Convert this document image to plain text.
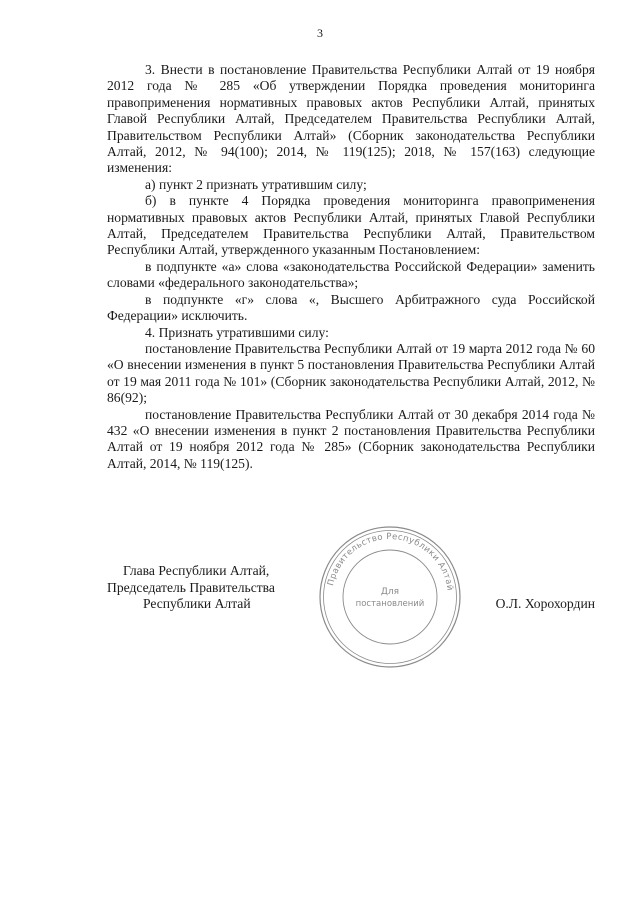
3

3. Внести в постановление Правительства Республики Алтай от 19 ноября 2012 года № 285 «Об утверждении Порядка проведения мониторинга правоприменения нормативных правовых актов Республики Алтай, принятых Главой Республики Алтай, Председателем Правительства Республики Алтай, Правительством Республики Алтай» (Сборник законодательства Республики Алтай, 2012, № 94(100); 2014, № 119(125); 2018, № 157(163) следующие изменения:

а) пункт 2 признать утратившим силу;

б) в пункте 4 Порядка проведения мониторинга правоприменения нормативных правовых актов Республики Алтай, принятых Главой Республики Алтай, Председателем Правительства Республики Алтай, Правительством Республики Алтай, утвержденного указанным Постановлением:

в подпункте «а» слова «законодательства Российской Федерации» заменить словами «федерального законодательства»;

в подпункте «г» слова «, Высшего Арбитражного суда Российской Федерации» исключить.

4. Признать утратившими силу:

постановление Правительства Республики Алтай от 19 марта 2012 года № 60 «О внесении изменения в пункт 5 постановления Правительства Республики Алтай от 19 мая 2011 года № 101» (Сборник законодательства Республики Алтай, 2012, № 86(92);

постановление Правительства Республики Алтай от 30 декабря 2014 года № 432 «О внесении изменения в пункт 2 постановления Правительства Республики Алтай от 19 ноября 2012 года № 285» (Сборник законодательства Республики Алтай, 2014, № 119(125).

Глава Республики Алтай,
Председатель Правительства
Республики Алтай	О.Л. Хорохордин
Правительство Республики Алтай
Для
постановлений
